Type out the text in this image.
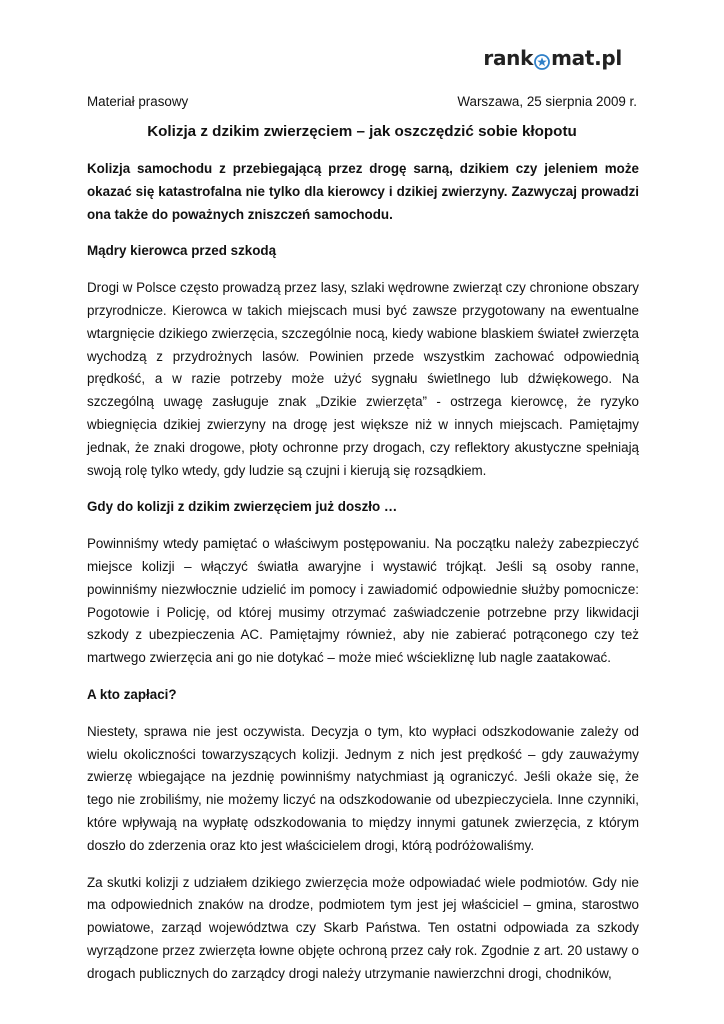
rank mat.pl
Materiał prasowy	Warszawa, 25 sierpnia 2009 r.
Kolizja z dzikim zwierzęciem – jak oszczędzić sobie kłopotu

Kolizja samochodu z przebiegającą przez drogę sarną, dzikiem czy jeleniem może okazać się katastrofalna nie tylko dla kierowcy i dzikiej zwierzyny. Zazwyczaj prowadzi ona także do poważnych zniszczeń samochodu.

Mądry kierowca przed szkodą

Drogi w Polsce często prowadzą przez lasy, szlaki wędrowne zwierząt czy chronione obszary przyrodnicze. Kierowca w takich miejscach musi być zawsze przygotowany na ewentualne wtargnięcie dzikiego zwierzęcia, szczególnie nocą, kiedy wabione blaskiem świateł zwierzęta wychodzą z przydrożnych lasów. Powinien przede wszystkim zachować odpowiednią prędkość, a w razie potrzeby może użyć sygnału świetlnego lub dźwiękowego. Na szczególną uwagę zasługuje znak „Dzikie zwierzęta” - ostrzega kierowcę, że ryzyko wbiegnięcia dzikiej zwierzyny na drogę jest większe niż w innych miejscach. Pamiętajmy jednak, że znaki drogowe, płoty ochronne przy drogach, czy reflektory akustyczne spełniają swoją rolę tylko wtedy, gdy ludzie są czujni i kierują się rozsądkiem.

Gdy do kolizji z dzikim zwierzęciem już doszło …

Powinniśmy wtedy pamiętać o właściwym postępowaniu. Na początku należy zabezpieczyć miejsce kolizji – włączyć światła awaryjne i wystawić trójkąt. Jeśli są osoby ranne, powinniśmy niezwłocznie udzielić im pomocy i zawiadomić odpowiednie służby pomocnicze: Pogotowie i Policję, od której musimy otrzymać zaświadczenie potrzebne przy likwidacji szkody z ubezpieczenia AC. Pamiętajmy również, aby nie zabierać potrąconego czy też martwego zwierzęcia ani go nie dotykać – może mieć wściekliznę lub nagle zaatakować.

A kto zapłaci?

Niestety, sprawa nie jest oczywista. Decyzja o tym, kto wypłaci odszkodowanie zależy od wielu okoliczności towarzyszących kolizji. Jednym z nich jest prędkość – gdy zauważymy zwierzę wbiegające na jezdnię powinniśmy natychmiast ją ograniczyć. Jeśli okaże się, że tego nie zrobiliśmy, nie możemy liczyć na odszkodowanie od ubezpieczyciela. Inne czynniki, które wpływają na wypłatę odszkodowania to między innymi gatunek zwierzęcia, z którym doszło do zderzenia oraz kto jest właścicielem drogi, którą podróżowaliśmy.

Za skutki kolizji z udziałem dzikiego zwierzęcia może odpowiadać wiele podmiotów. Gdy nie ma odpowiednich znaków na drodze, podmiotem tym jest jej właściciel – gmina, starostwo powiatowe, zarząd województwa czy Skarb Państwa. Ten ostatni odpowiada za szkody wyrządzone przez zwierzęta łowne objęte ochroną przez cały rok. Zgodnie z art. 20 ustawy o drogach publicznych do zarządcy drogi należy utrzymanie nawierzchni drogi, chodników,
